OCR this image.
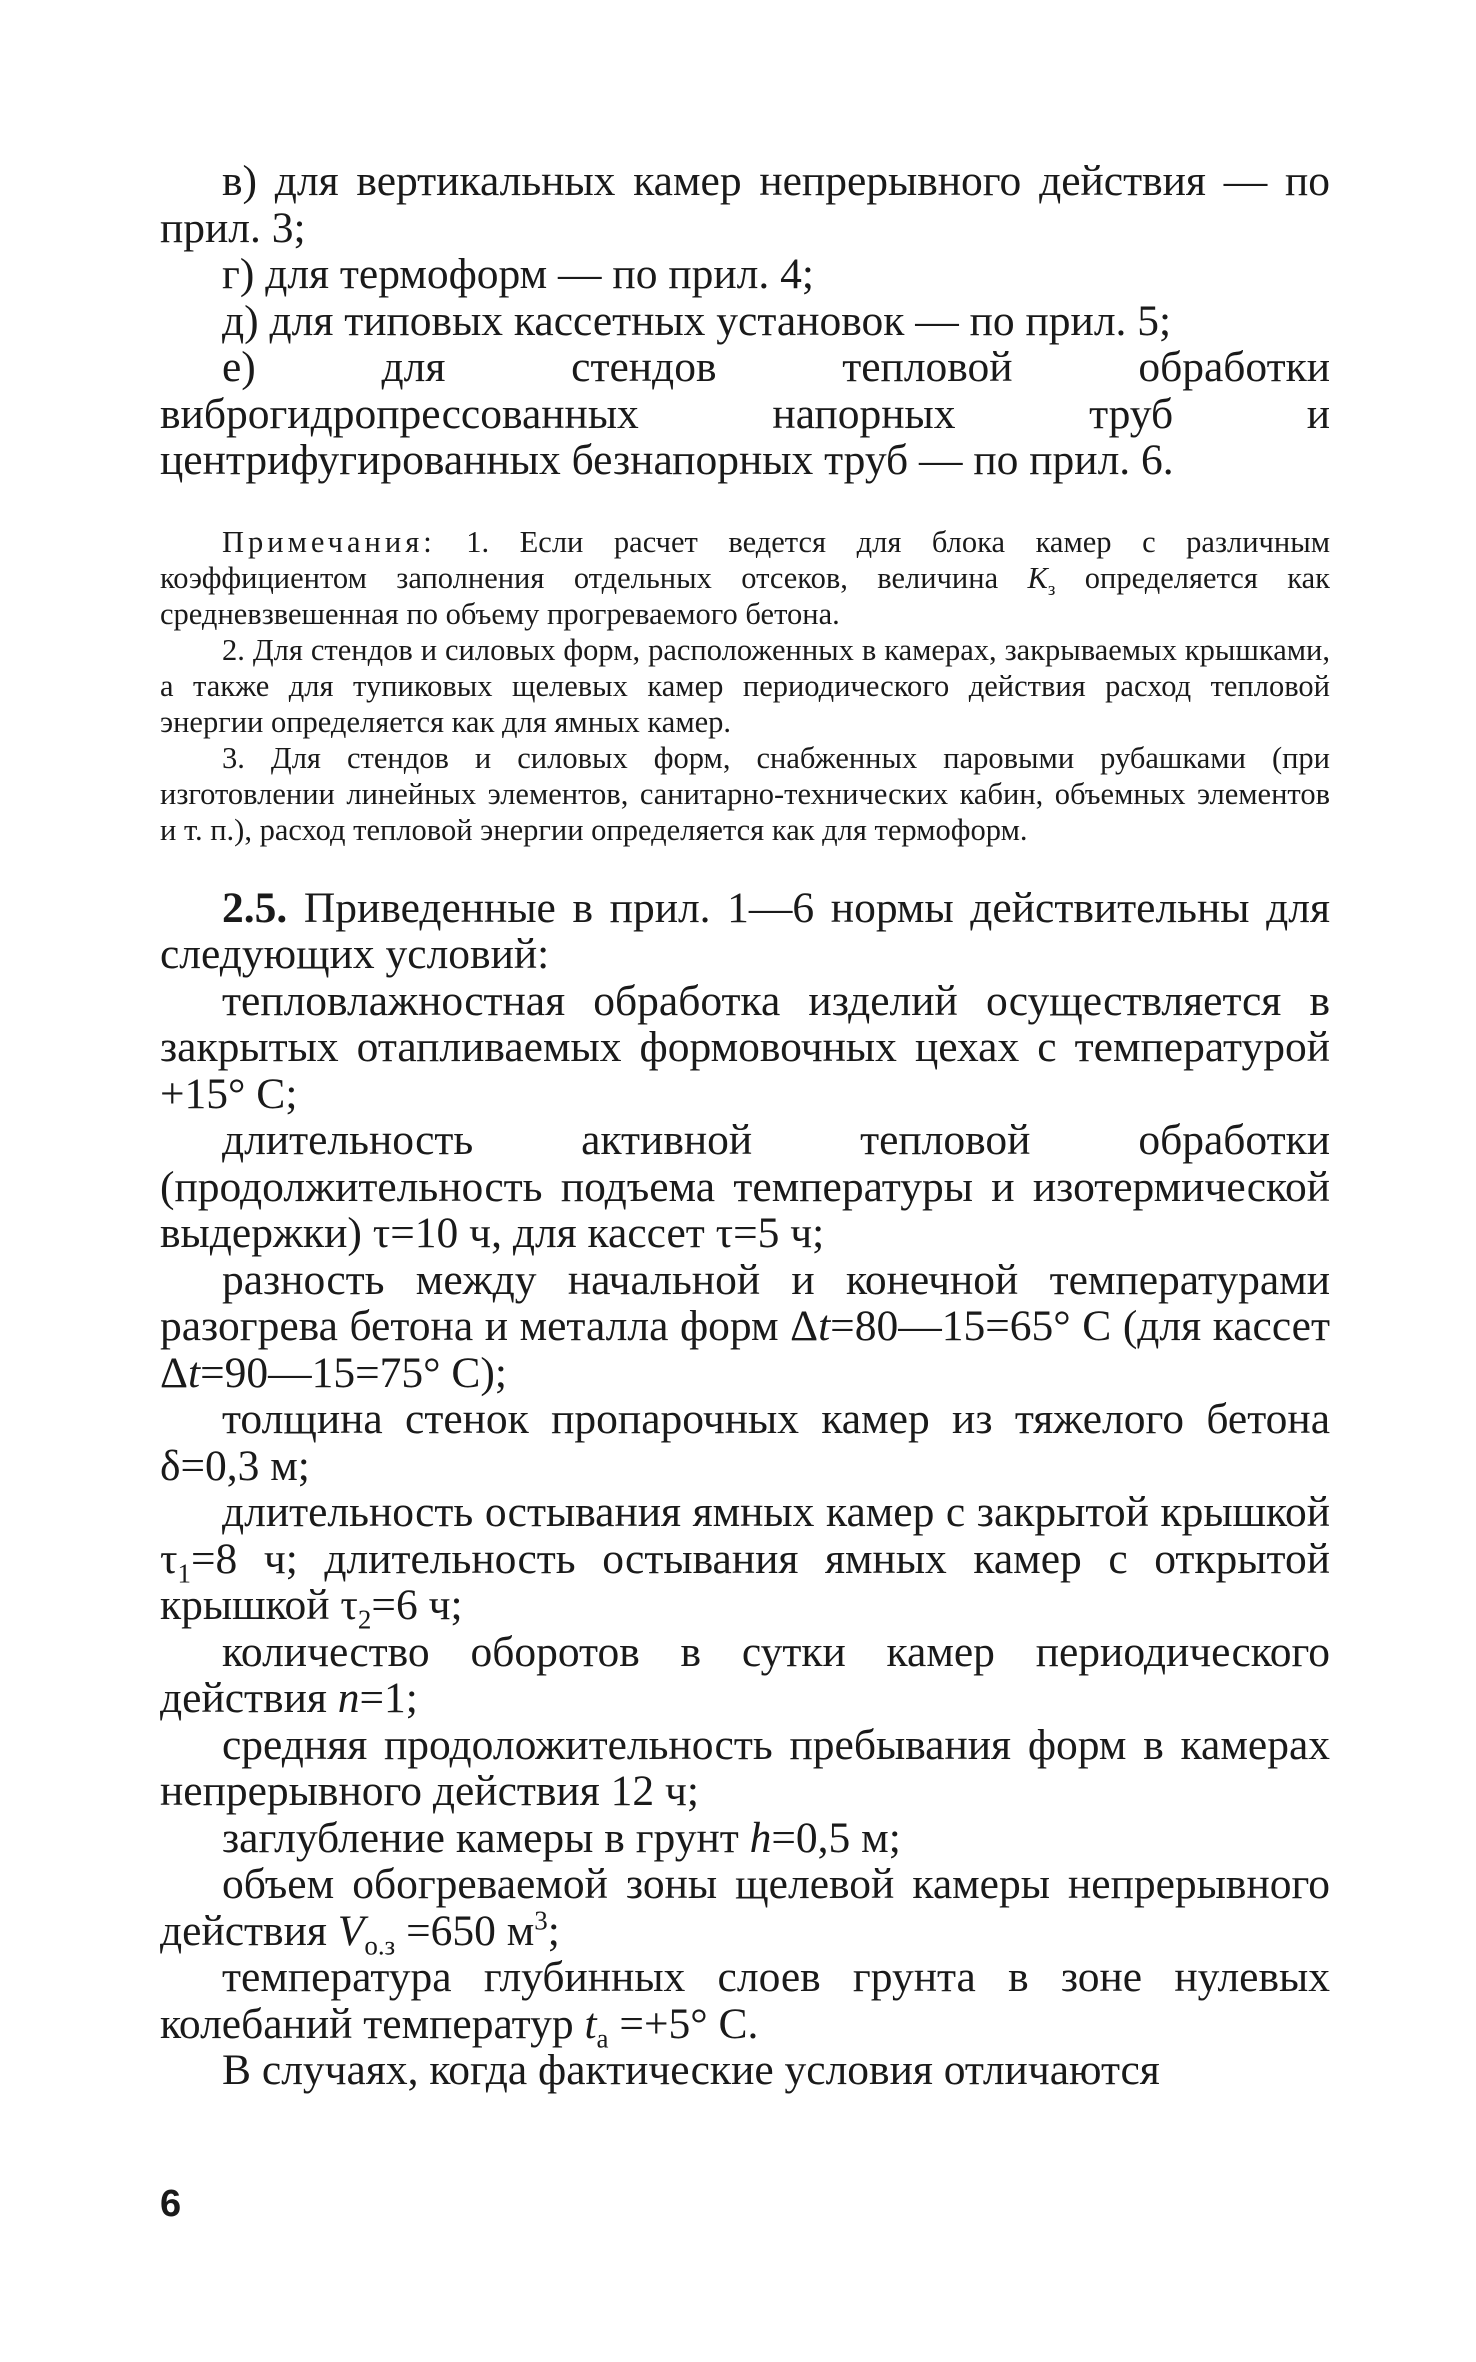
в) для вертикальных камер непрерывного действия — по прил. 3;

г) для термоформ — по прил. 4;

д) для типовых кассетных установок — по прил. 5;

е) для стендов тепловой обработки виброгидропрессованных напорных труб и центрифугированных безнапорных труб — по прил. 6.

Примечания: 1. Если расчет ведется для блока камер с различным коэффициентом заполнения отдельных отсеков, величина $K_з$ определяется как средневзвешенная по объему прогреваемого бетона.

2. Для стендов и силовых форм, расположенных в камерах, закрываемых крышками, а также для тупиковых щелевых камер периодического действия расход тепловой энергии определяется как для ямных камер.

3. Для стендов и силовых форм, снабженных паровыми рубашками (при изготовлении линейных элементов, санитарно-технических кабин, объемных элементов и т. п.), расход тепловой энергии определяется как для термоформ.

2.5. Приведенные в прил. 1—6 нормы действительны для следующих условий:

тепловлажностная обработка изделий осуществляется в закрытых отапливаемых формовочных цехах с температурой +15° С;

длительность активной тепловой обработки (продолжительность подъема температуры и изотермической выдержки) τ=10 ч, для кассет τ=5 ч;

разность между начальной и конечной температурами разогрева бетона и металла форм Δt=80—15=65° С (для кассет Δt=90—15=75° С);

толщина стенок пропарочных камер из тяжелого бетона δ=0,3 м;

длительность остывания ямных камер с закрытой крышкой $\tau_1=8$ ч; длительность остывания ямных камер с открытой крышкой $\tau_2=6$ ч;

количество оборотов в сутки камер периодического действия n=1;

средняя продоложительность пребывания форм в камерах непрерывного действия 12 ч;

заглубление камеры в грунт h=0,5 м;

объем обогреваемой зоны щелевой камеры непрерывного действия $V_{о.з} =650$ $м^3$;

температура глубинных слоев грунта в зоне нулевых колебаний температур $t_a =+5^\circ$ С.

В случаях, когда фактические условия отличаются

6
